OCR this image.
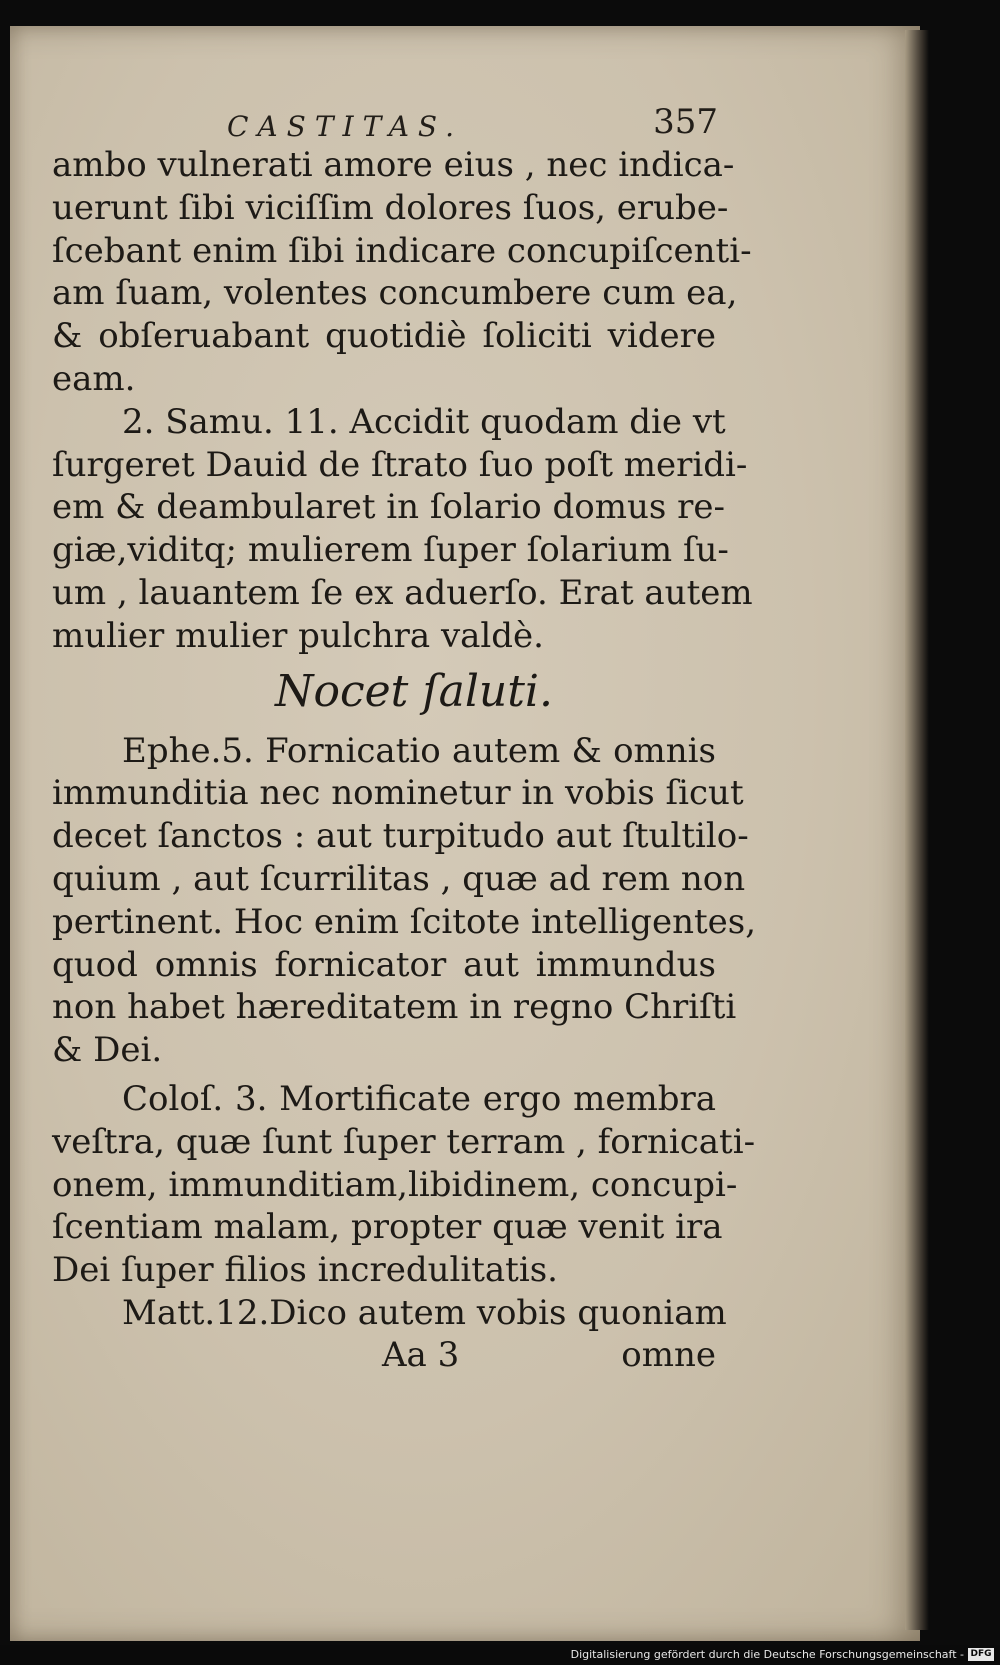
CASTITAS.	357
ambo vulnerati amore eius , nec indica-
uerunt ſibi viciſſim dolores ſuos, erube-
ſcebant enim ſibi indicare concupiſcenti-
am ſuam, volentes concumbere cum ea,
& obſeruabant quotidiè ſoliciti videre
eam.
2. Samu. 11. Accidit quodam die vt
ſurgeret Dauid de ſtrato ſuo poſt meridi-
em & deambularet in ſolario domus re-
giæ,viditq; mulierem ſuper ſolarium ſu-
um , lauantem ſe ex aduerſo. Erat autem
mulier mulier pulchra valdè.
Nocet ſaluti.
Ephe.5. Fornicatio autem & omnis
immunditia nec nominetur in vobis ſicut
decet ſanctos : aut turpitudo aut ſtultilo-
quium , aut ſcurrilitas , quæ ad rem non
pertinent. Hoc enim ſcitote intelligentes,
quod omnis fornicator aut immundus
non habet hæreditatem in regno Chriſti
& Dei.
Coloſ. 3. Mortificate ergo membra
veſtra, quæ ſunt ſuper terram , fornicati-
onem, immunditiam,libidinem, concupi-
ſcentiam malam, propter quæ venit ira
Dei ſuper filios incredulitatis.
Matt.12.Dico autem vobis quoniam
Aa 3	omne
Digitalisierung gefördert durch die Deutsche Forschungsgemeinschaft - DFG
